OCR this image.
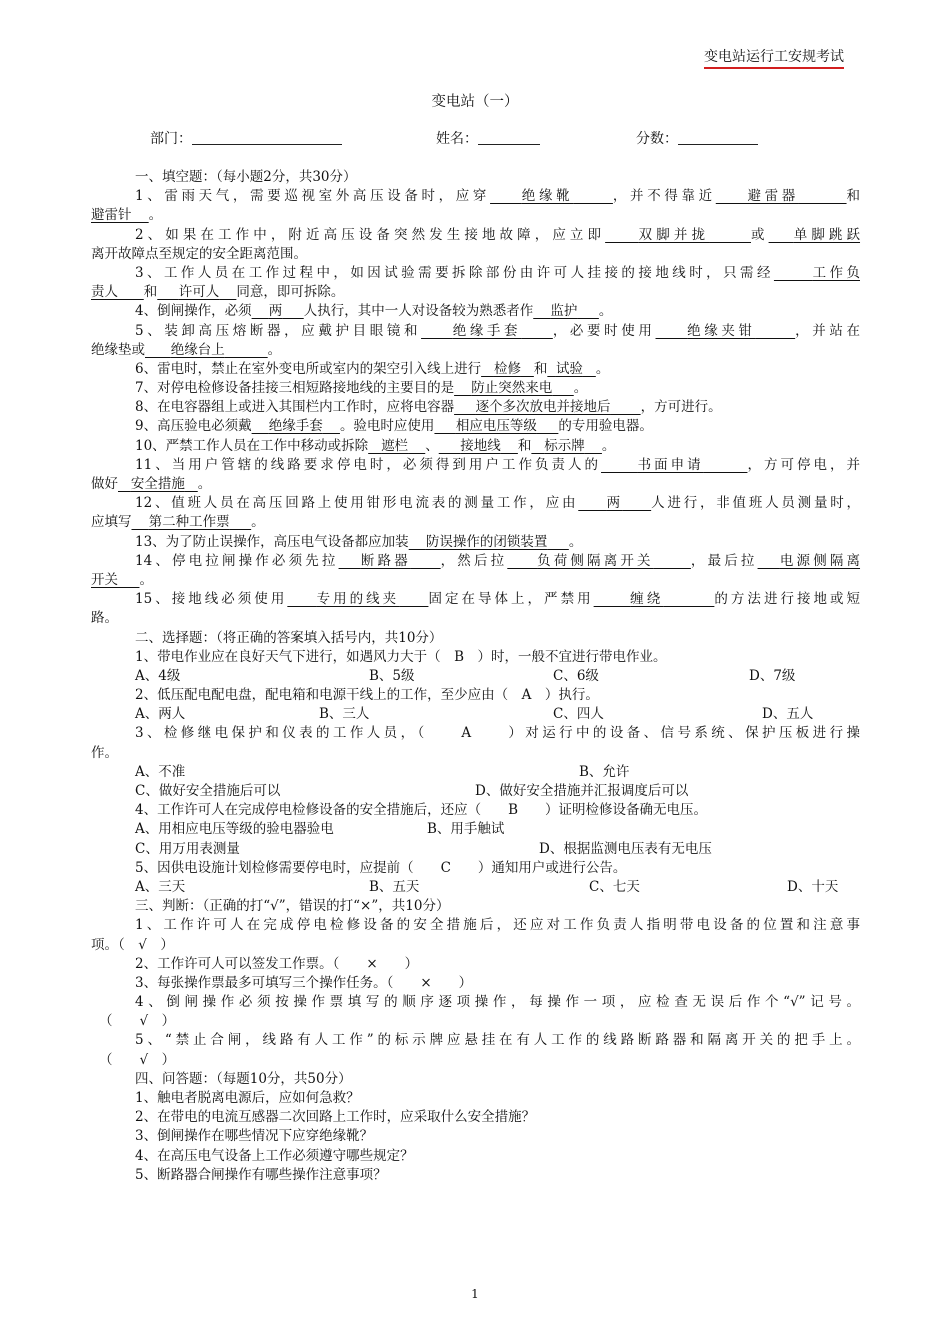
变电站运行工安规考试
变电站（一）
部门：	姓名：	分数：
一、填空题：（每小题2分，共30分）
1、雷雨天气，需要巡视室外高压设备时，应穿 绝缘靴	，并不得靠近 避雷器	和
避雷针 。
2、如果在工作中，附近高压设备突然发生接地故障，应立即 双脚并拢	或 单脚跳跃
离开故障点至规定的安全距离范围。
3、工作人员在工作过程中，如因试验需要拆除部份由许可人挂接的接地线时，只需经	工作负
责人 和 许可人 同意，即可拆除。
4、倒闸操作，必须 两 人执行，其中一人对设备较为熟悉者作 监护 。
5、装卸高压熔断器，应戴护目眼镜和 绝缘手套 ，必要时使用 绝缘夹钳	，并站在
绝缘垫或 绝缘台上	。
6、雷电时，禁止在室外变电所或室内的架空引入线上进行 检修 和 试验 。
7、对停电检修设备挂接三相短路接地线的主要目的是 防止突然来电 。
8、在电容器组上或进入其围栏内工作时，应将电容器 逐个多次放电并接地后 ，方可进行。
9、高压验电必须戴 绝缘手套 。验电时应使用 相应电压等级 的专用验电器。
10、严禁工作人员在工作中移动或拆除 遮栏 、 接地线 和 标示牌 。
11、当用户管辖的线路要求停电时，必须得到用户工作负责人的	书面申请	，方可停电，并
做好 安全措施 。
12、值班人员在高压回路上使用钳形电流表的测量工作，应由 两 人进行，非值班人员测量时，
应填写 第二种工作票 。
13、为了防止误操作，高压电气设备都应加装 防误操作的闭锁装置 。
14、停电拉闸操作必须先拉 断路器 ，然后拉 负荷侧隔离开关	，最后拉 电源侧隔离
开关 。
15、接地线必须使用 专用的线夹 固定在导体上，严禁用	缠绕	的方法进行接地或短
路。
二、选择题：（将正确的答案填入括号内，共10分）
1、带电作业应在良好天气下进行，如遇风力大于（　B　）时，一般不宜进行带电作业。
A、4级	B、5级	C、6级	D、7级
2、低压配电配电盘，配电箱和电源干线上的工作，至少应由（　A　）执行。
A、两人	B、三人	C、四人	D、五人
3、检修继电保护和仪表的工作人员，（　　A　　）对运行中的设备、信号系统、保护压板进行操
作。
A、不准	B、允许
C、做好安全措施后可以	D、做好安全措施并汇报调度后可以
4、工作许可人在完成停电检修设备的安全措施后，还应（　　B　　）证明检修设备确无电压。
A、用相应电压等级的验电器验电	B、用手触试
C、用万用表测量	D、根据监测电压表有无电压
5、因供电设施计划检修需要停电时，应提前（　　C　　）通知用户或进行公告。
A、三天	B、五天	C、七天	D、十天
三、判断：（正确的打“√”，错误的打“×”，共10分）
1、工作许可人在完成停电检修设备的安全措施后，还应对工作负责人指明带电设备的位置和注意事
项。（　√　）
2、工作许可人可以签发工作票。（　　×　　）
3、每张操作票最多可填写三个操作任务。（　　×　　）
4、倒闸操作必须按操作票填写的顺序逐项操作，每操作一项，应检查无误后作个“√”记号。
（　　√　）
5、“禁止合闸，线路有人工作”的标示牌应悬挂在有人工作的线路断路器和隔离开关的把手上。
（　　√　）
四、问答题：（每题10分，共50分）
1、触电者脱离电源后，应如何急救？
2、在带电的电流互感器二次回路上工作时，应采取什么安全措施？
3、倒闸操作在哪些情况下应穿绝缘靴？
4、在高压电气设备上工作必须遵守哪些规定？
5、断路器合闸操作有哪些操作注意事项？
1
